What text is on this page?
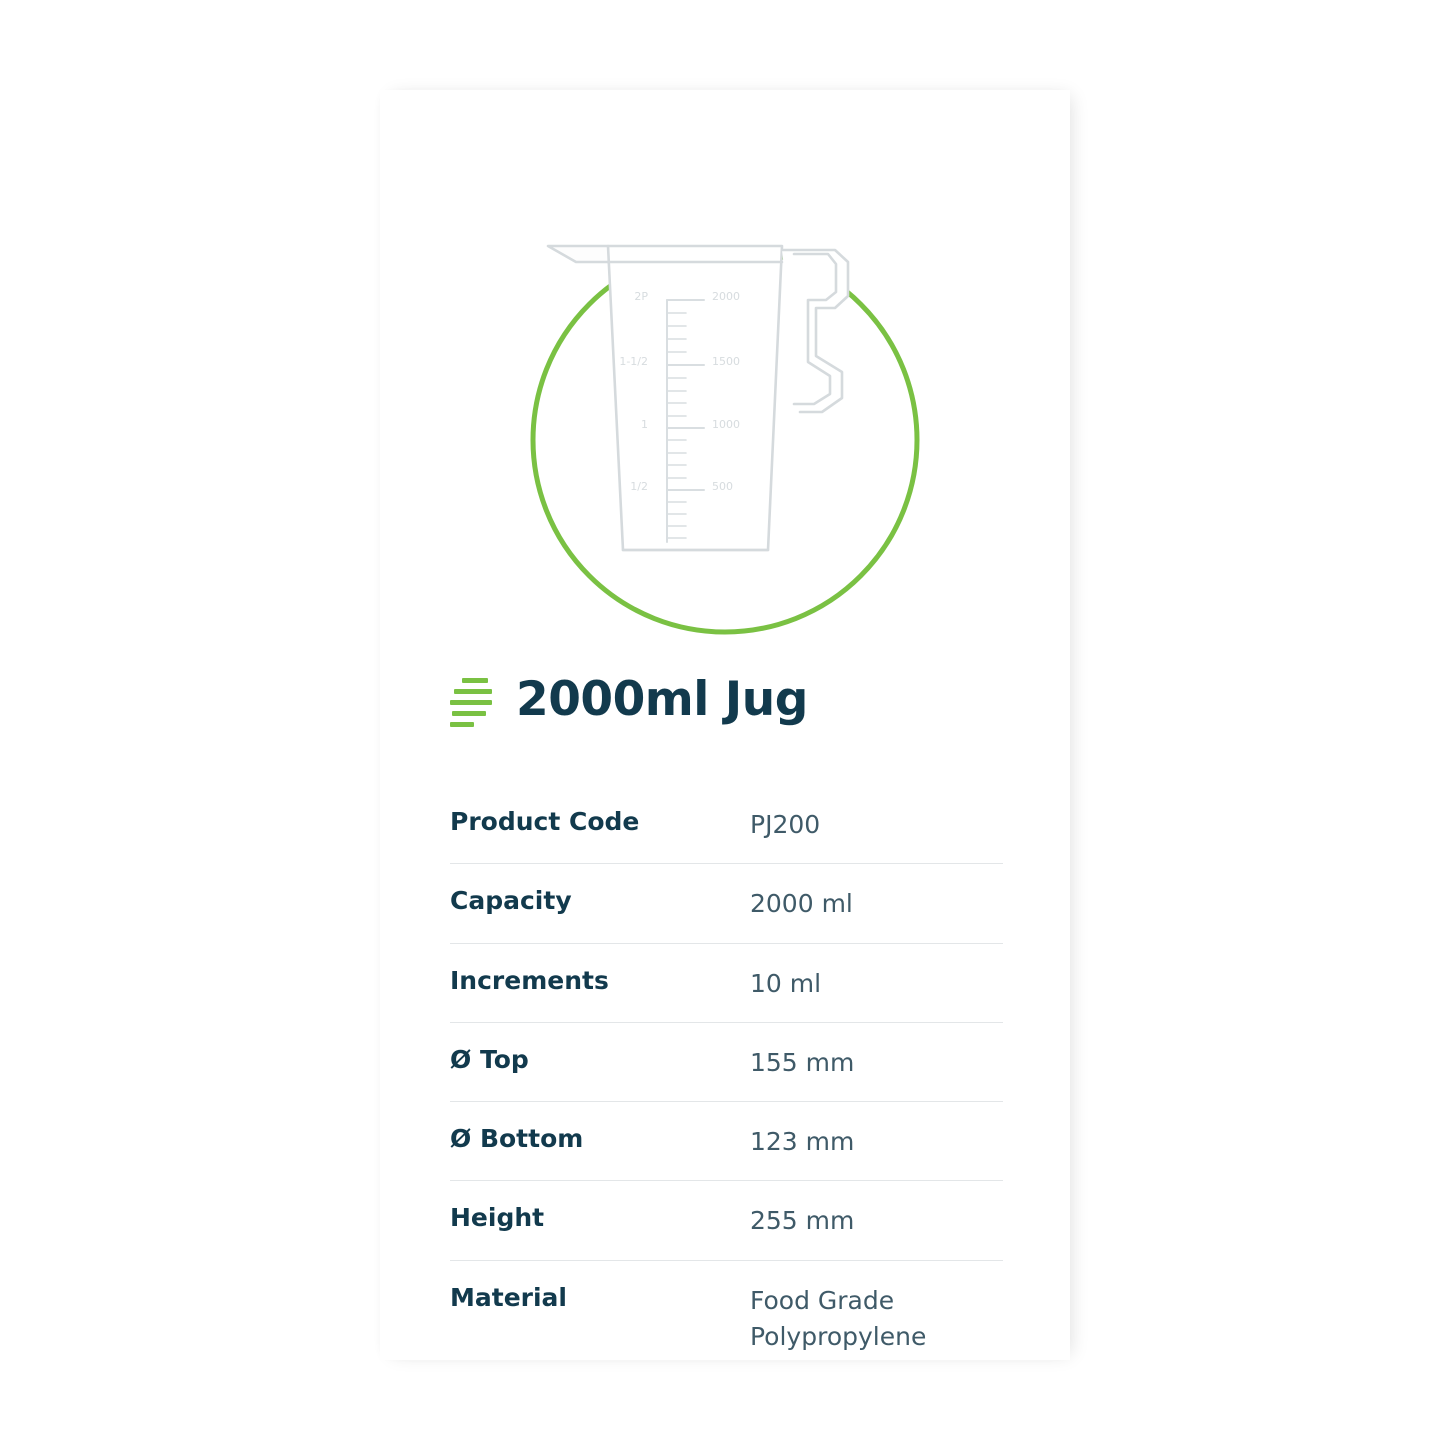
2P
1-1/2
1
1/2
2000
1500
1000
500
2000ml Jug
Product Code	PJ200
Capacity	2000 ml
Increments	10 ml
Ø Top	155 mm
Ø Bottom	123 mm
Height	255 mm
Material	Food Grade Polypropylene
